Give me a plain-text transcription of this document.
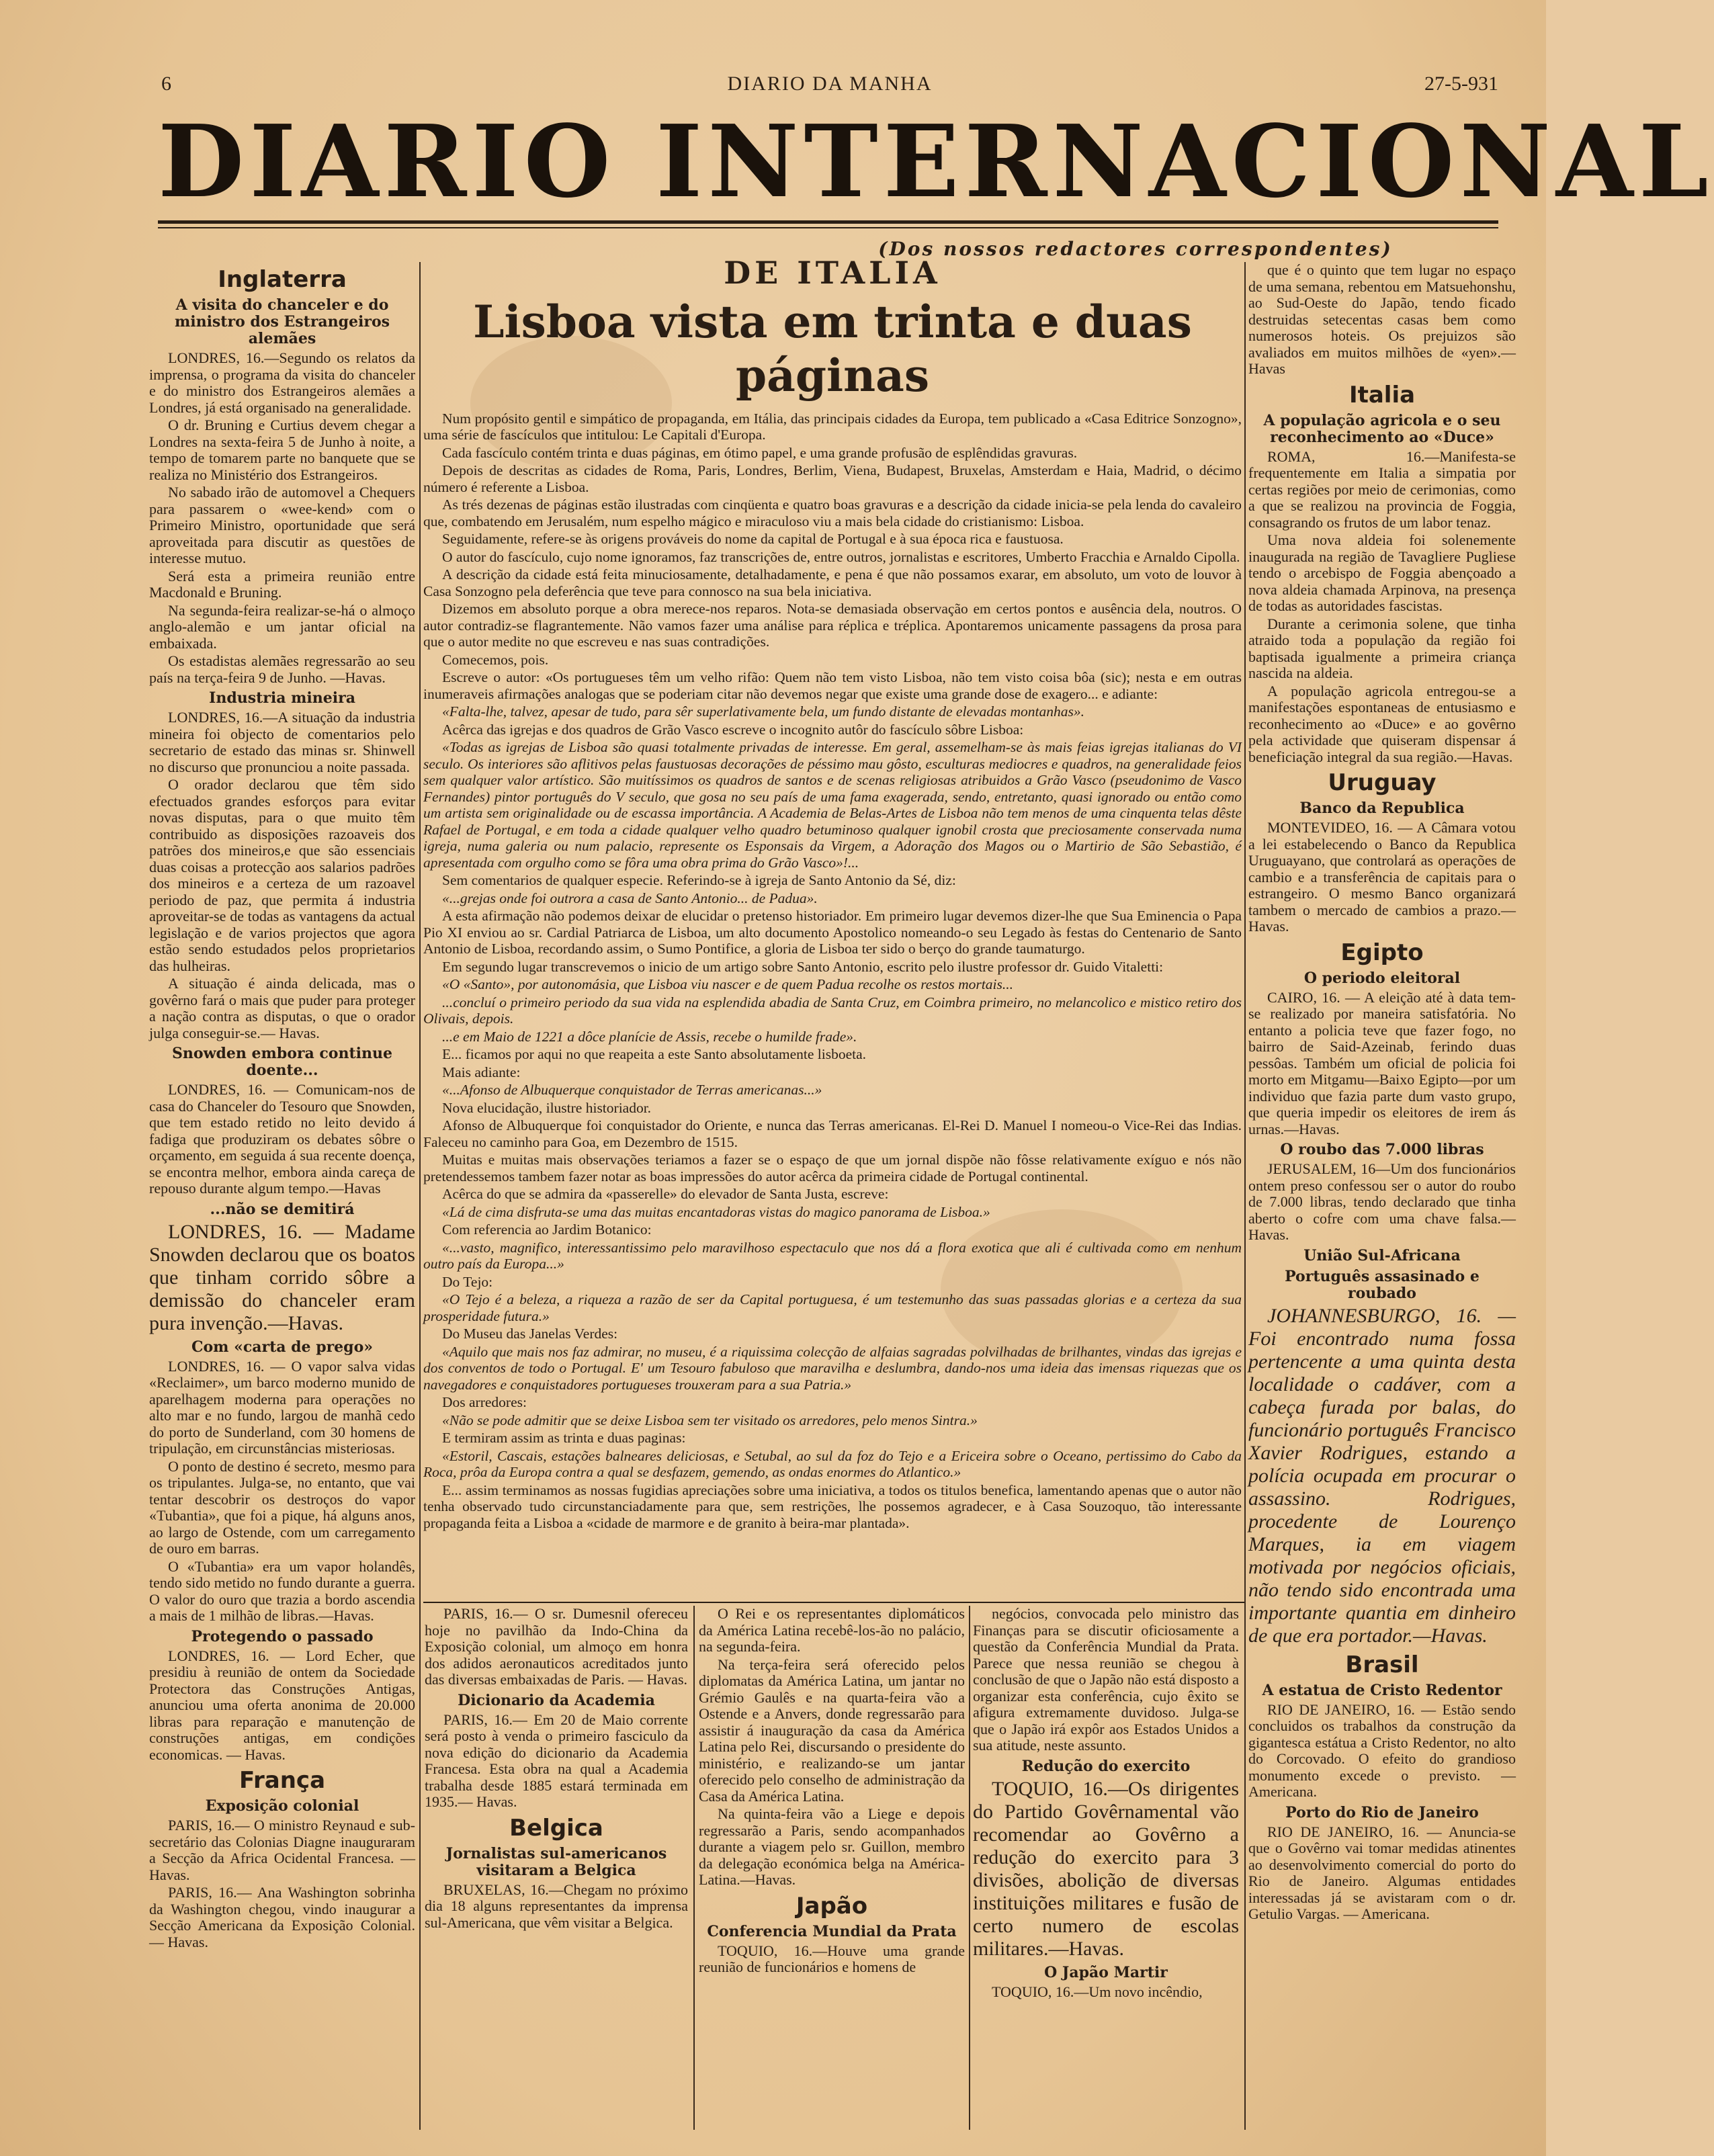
6	DIARIO DA MANHA	27-5-931
DIARIO INTERNACIONAL
(Dos nossos redactores correspondentes)
DE ITALIA
Lisboa vista em trinta e duas páginas

Num propósito gentil e simpático de propaganda, em Itália, das principais cidades da Europa, tem publicado a «Casa Editrice Sonzogno», uma série de fascículos que intitulou: Le Capitali d'Europa.

Cada fascículo contém trinta e duas páginas, em ótimo papel, e uma grande profusão de esplêndidas gravuras.

Depois de descritas as cidades de Roma, Paris, Londres, Berlim, Viena, Budapest, Bruxelas, Amsterdam e Haia, Madrid, o décimo número é referente a Lisboa.

As trés dezenas de páginas estão ilustradas com cinqüenta e quatro boas gravuras e a descrição da cidade inicia-se pela lenda do cavaleiro que, combatendo em Jerusalém, num espelho mágico e miraculoso viu a mais bela cidade do cristianismo: Lisboa.

Seguidamente, refere-se às origens prováveis do nome da capital de Portugal e à sua época rica e faustuosa.

O autor do fascículo, cujo nome ignoramos, faz transcrições de, entre outros, jornalistas e escritores, Umberto Fracchia e Arnaldo Cipolla.

A descrição da cidade está feita minuciosamente, detalhadamente, e pena é que não possamos exarar, em absoluto, um voto de louvor à Casa Sonzogno pela deferência que teve para connosco na sua bela iniciativa.

Dizemos em absoluto porque a obra merece-nos reparos. Nota-se demasiada observação em certos pontos e ausência dela, noutros. O autor contradiz-se flagrantemente. Não vamos fazer uma análise para réplica e tréplica. Apontaremos unicamente passagens da prosa para que o autor medite no que escreveu e nas suas contradições.

Comecemos, pois.

Escreve o autor: «Os portugueses têm um velho rifão: Quem não tem visto Lisboa, não tem visto coisa bôa (sic); nesta e em outras inumeraveis afirmações analogas que se poderiam citar não devemos negar que existe uma grande dose de exagero... e adiante:

«Falta-lhe, talvez, apesar de tudo, para sêr superlativamente bela, um fundo distante de elevadas montanhas».

Acêrca das igrejas e dos quadros de Grão Vasco escreve o incognito autôr do fascículo sôbre Lisboa:

«Todas as igrejas de Lisboa são quasi totalmente privadas de interesse. Em geral, assemelham-se às mais feias igrejas italianas do VI seculo. Os interiores são aflitivos pelas faustuosas decorações de péssimo mau gôsto, esculturas mediocres e quadros, na generalidade feios sem qualquer valor artístico. São muitíssimos os quadros de santos e de scenas religiosas atribuidos a Grão Vasco (pseudonimo de Vasco Fernandes) pintor português do V seculo, que gosa no seu país de uma fama exagerada, sendo, entretanto, quasi ignorado ou então como um artista sem originalidade ou de escassa importância. A Academia de Belas-Artes de Lisboa não tem menos de uma cinquenta telas dêste Rafael de Portugal, e em toda a cidade qualquer velho quadro betuminoso qualquer ignobil crosta que preciosamente conservada numa igreja, numa galeria ou num palacio, represente os Esponsais da Virgem, a Adoração dos Magos ou o Martirio de São Sebastião, é apresentada com orgulho como se fôra uma obra prima do Grão Vasco»!...

Sem comentarios de qualquer especie. Referindo-se à igreja de Santo Antonio da Sé, diz:

«...grejas onde foi outrora a casa de Santo Antonio... de Padua».

A esta afirmação não podemos deixar de elucidar o pretenso historiador. Em primeiro lugar devemos dizer-lhe que Sua Eminencia o Papa Pio XI enviou ao sr. Cardial Patriarca de Lisboa, um alto documento Apostolico nomeando-o seu Legado às festas do Centenario de Santo Antonio de Lisboa, recordando assim, o Sumo Pontifice, a gloria de Lisboa ter sido o berço do grande taumaturgo.

Em segundo lugar transcrevemos o inicio de um artigo sobre Santo Antonio, escrito pelo ilustre professor dr. Guido Vitaletti:

«O «Santo», por autonomásia, que Lisboa viu nascer e de quem Padua recolhe os restos mortais...

...concluí o primeiro periodo da sua vida na esplendida abadia de Santa Cruz, em Coimbra primeiro, no melancolico e mistico retiro dos Olivais, depois.

...e em Maio de 1221 a dôce planície de Assis, recebe o humilde frade».

E... ficamos por aqui no que reapeita a este Santo absolutamente lisboeta.

Mais adiante:

«...Afonso de Albuquerque conquistador de Terras americanas...»

Nova elucidação, ilustre historiador.

Afonso de Albuquerque foi conquistador do Oriente, e nunca das Terras americanas. El-Rei D. Manuel I nomeou-o Vice-Rei das Indias. Faleceu no caminho para Goa, em Dezembro de 1515.

Muitas e muitas mais observações teriamos a fazer se o espaço de que um jornal dispõe não fôsse relativamente exíguo e nós não pretendessemos tambem fazer notar as boas impressões do autor acêrca da primeira cidade de Portugal continental.

Acêrca do que se admira da «passerelle» do elevador de Santa Justa, escreve:

«Lá de cima disfruta-se uma das muitas encantadoras vistas do magico panorama de Lisboa.»

Com referencia ao Jardim Botanico:

«...vasto, magnifico, interessantissimo pelo maravilhoso espectaculo que nos dá a flora exotica que ali é cultivada como em nenhum outro país da Europa...»

Do Tejo:

«O Tejo é a beleza, a riqueza a razão de ser da Capital portuguesa, é um testemunho das suas passadas glorias e a certeza da sua prosperidade futura.»

Do Museu das Janelas Verdes:

«Aquilo que mais nos faz admirar, no museu, é a riquissima colecção de alfaias sagradas polvilhadas de brilhantes, vindas das igrejas e dos conventos de todo o Portugal. E' um Tesouro fabuloso que maravilha e deslumbra, dando-nos uma ideia das imensas riquezas que os navegadores e conquistadores portugueses trouxeram para a sua Patria.»

Dos arredores:

«Não se pode admitir que se deixe Lisboa sem ter visitado os arredores, pelo menos Sintra.»

E termiram assim as trinta e duas paginas:

«Estoril, Cascais, estações balneares deliciosas, e Setubal, ao sul da foz do Tejo e a Ericeira sobre o Oceano, pertissimo do Cabo da Roca, prôa da Europa contra a qual se desfazem, gemendo, as ondas enormes do Atlantico.»

E... assim terminamos as nossas fugidias apreciações sobre uma iniciativa, a todos os titulos benefica, lamentando apenas que o autor não tenha observado tudo circunstanciadamente para que, sem restrições, lhe possemos agradecer, e à Casa Souzoquo, tão interessante propaganda feita a Lisboa a «cidade de marmore e de granito à beira-mar plantada».

Inglaterra
A visita do chanceler e do ministro dos Estrangeiros alemães

LONDRES, 16.—Segundo os relatos da imprensa, o programa da visita do chanceler e do ministro dos Estrangeiros alemães a Londres, já está organisado na generalidade.

O dr. Bruning e Curtius devem chegar a Londres na sexta-feira 5 de Junho à noite, a tempo de tomarem parte no banquete que se realiza no Ministério dos Estrangeiros.

No sabado irão de automovel a Chequers para passarem o «wee-kend» com o Primeiro Ministro, oportunidade que será aproveitada para discutir as questões de interesse mutuo.

Será esta a primeira reunião entre Macdonald e Bruning.

Na segunda-feira realizar-se-há o almoço anglo-alemão e um jantar oficial na embaixada.

Os estadistas alemães regressarão ao seu país na terça-feira 9 de Junho. —Havas.

Industria mineira

LONDRES, 16.—A situação da industria mineira foi objecto de comentarios pelo secretario de estado das minas sr. Shinwell no discurso que pronunciou a noite passada.

O orador declarou que têm sido efectuados grandes esforços para evitar novas disputas, para o que muito têm contribuido as disposições razoaveis dos patrões dos mineiros,e que são essenciais duas coisas a protecção aos salarios padrões dos mineiros e a certeza de um razoavel periodo de paz, que permita á industria aproveitar-se de todas as vantagens da actual legislação e de varios projectos que agora estão sendo estudados pelos proprietarios das hulheiras.

A situação é ainda delicada, mas o govêrno fará o mais que puder para proteger a nação contra as disputas, o que o orador julga conseguir-se.— Havas.

Snowden embora continue doente...

LONDRES, 16. — Comunicam-nos de casa do Chanceler do Tesouro que Snowden, que tem estado retido no leito devido á fadiga que produziram os debates sôbre o orçamento, em seguida á sua recente doença, se encontra melhor, embora ainda careça de repouso durante algum tempo.—Havas

...não se demitirá

LONDRES, 16. — Madame Snowden declarou que os boatos que tinham corrido sôbre a demissão do chanceler eram pura invenção.—Havas.

Com «carta de prego»

LONDRES, 16. — O vapor salva vidas «Reclaimer», um barco moderno munido de aparelhagem moderna para operações no alto mar e no fundo, largou de manhã cedo do porto de Sunderland, com 30 homens de tripulação, em circunstâncias misteriosas.

O ponto de destino é secreto, mesmo para os tripulantes. Julga-se, no entanto, que vai tentar descobrir os destroços do vapor «Tubantia», que foi a pique, há alguns anos, ao largo de Ostende, com um carregamento de ouro em barras.

O «Tubantia» era um vapor holandês, tendo sido metido no fundo durante a guerra. O valor do ouro que trazia a bordo ascendia a mais de 1 milhão de libras.—Havas.

Protegendo o passado

LONDRES, 16. — Lord Echer, que presidiu à reunião de ontem da Sociedade Protectora das Construções Antigas, anunciou uma oferta anonima de 20.000 libras para reparação e manutenção de construções antigas, em condições economicas. — Havas.

França
Exposição colonial

PARIS, 16.— O ministro Reynaud e sub-secretário das Colonias Diagne inauguraram a Secção da Africa Ocidental Francesa. — Havas.

PARIS, 16.— Ana Washington sobrinha da Washington chegou, vindo inaugurar a Secção Americana da Exposição Colonial. — Havas.

PARIS, 16.— O sr. Dumesnil ofereceu hoje no pavilhão da Indo-China da Exposição colonial, um almoço em honra dos adidos aeronauticos acreditados junto das diversas embaixadas de Paris. — Havas.

Dicionario da Academia

PARIS, 16.— Em 20 de Maio corrente será posto à venda o primeiro fasciculo da nova edição do dicionario da Academia Francesa. Esta obra na qual a Academia trabalha desde 1885 estará terminada em 1935.— Havas.

Belgica
Jornalistas sul-americanos visitaram a Belgica

BRUXELAS, 16.—Chegam no próximo dia 18 alguns representantes da imprensa sul-Americana, que vêm visitar a Belgica.

O Rei e os representantes diplomáticos da América Latina recebê-los-ão no palácio, na segunda-feira.

Na terça-feira será oferecido pelos diplomatas da América Latina, um jantar no Grémio Gaulês e na quarta-feira vão a Ostende e a Anvers, donde regressarão para assistir á inauguração da casa da América Latina pelo Rei, discursando o presidente do ministério, e realizando-se um jantar oferecido pelo conselho de administração da Casa da América Latina.

Na quinta-feira vão a Liege e depois regressarão a Paris, sendo acompanhados durante a viagem pelo sr. Guillon, membro da delegação económica belga na América-Latina.—Havas.

Japão
Conferencia Mundial da Prata

TOQUIO, 16.—Houve uma grande reunião de funcionários e homens de

negócios, convocada pelo ministro das Finanças para se discutir oficiosamente a questão da Conferência Mundial da Prata. Parece que nessa reunião se chegou à conclusão de que o Japão não está disposto a organizar esta conferência, cujo êxito se afigura extremamente duvidoso. Julga-se que o Japão irá expôr aos Estados Unidos a sua atitude, neste assunto.

Redução do exercito

TOQUIO, 16.—Os dirigentes do Partido Govêrnamental vão recomendar ao Govêrno a redução do exercito para 3 divisões, abolição de diversas instituições militares e fusão de certo numero de escolas militares.—Havas.

O Japão Martir

TOQUIO, 16.—Um novo incêndio,

que é o quinto que tem lugar no espaço de uma semana, rebentou em Matsuehonshu, ao Sud-Oeste do Japão, tendo ficado destruidas setecentas casas bem como numerosos hoteis. Os prejuizos são avaliados em muitos milhões de «yen».—Havas

Italia
A população agricola e o seu reconhecimento ao «Duce»

ROMA, 16.—Manifesta-se frequentemente em Italia a simpatia por certas regiões por meio de cerimonias, como a que se realizou na provincia de Foggia, consagrando os frutos de um labor tenaz.

Uma nova aldeia foi solenemente inaugurada na região de Tavagliere Pugliese tendo o arcebispo de Foggia abençoado a nova aldeia chamada Arpinova, na presença de todas as autoridades fascistas.

Durante a cerimonia solene, que tinha atraido toda a população da região foi baptisada igualmente a primeira criança nascida na aldeia.

A população agricola entregou-se a manifestações espontaneas de entusiasmo e reconhecimento ao «Duce» e ao govêrno pela actividade que quiseram dispensar á beneficiação integral da sua região.—Havas.

Uruguay
Banco da Republica

MONTEVIDEO, 16. — A Câmara votou a lei estabelecendo o Banco da Republica Uruguayano, que controlará as operações de cambio e a transferência de capitais para o estrangeiro. O mesmo Banco organizará tambem o mercado de cambios a prazo.— Havas.

Egipto
O periodo eleitoral

CAIRO, 16. — A eleição até à data tem-se realizado por maneira satisfatória. No entanto a policia teve que fazer fogo, no bairro de Said-Azeinab, ferindo duas pessôas. Também um oficial de policia foi morto em Mitgamu—Baixo Egipto—por um individuo que fazia parte dum vasto grupo, que queria impedir os eleitores de irem ás urnas.—Havas.

O roubo das 7.000 libras

JERUSALEM, 16—Um dos funcionários ontem preso confessou ser o autor do roubo de 7.000 libras, tendo declarado que tinha aberto o cofre com uma chave falsa.—Havas.

União Sul-Africana
Português assasinado e roubado

JOHANNESBURGO, 16. —Foi encontrado numa fossa pertencente a uma quinta desta localidade o cadáver, com a cabeça furada por balas, do funcionário português Francisco Xavier Rodrigues, estando a polícia ocupada em procurar o assassino. Rodrigues, procedente de Lourenço Marques, ia em viagem motivada por negócios oficiais, não tendo sido encontrada uma importante quantia em dinheiro de que era portador.—Havas.

Brasil
A estatua de Cristo Redentor

RIO DE JANEIRO, 16. — Estão sendo concluidos os trabalhos da construção da gigantesca estátua a Cristo Redentor, no alto do Corcovado. O efeito do grandioso monumento excede o previsto. — Americana.

Porto do Rio de Janeiro

RIO DE JANEIRO, 16. — Anuncia-se que o Govêrno vai tomar medidas atinentes ao desenvolvimento comercial do porto do Rio de Janeiro. Algumas entidades interessadas já se avistaram com o dr. Getulio Vargas. — Americana.
